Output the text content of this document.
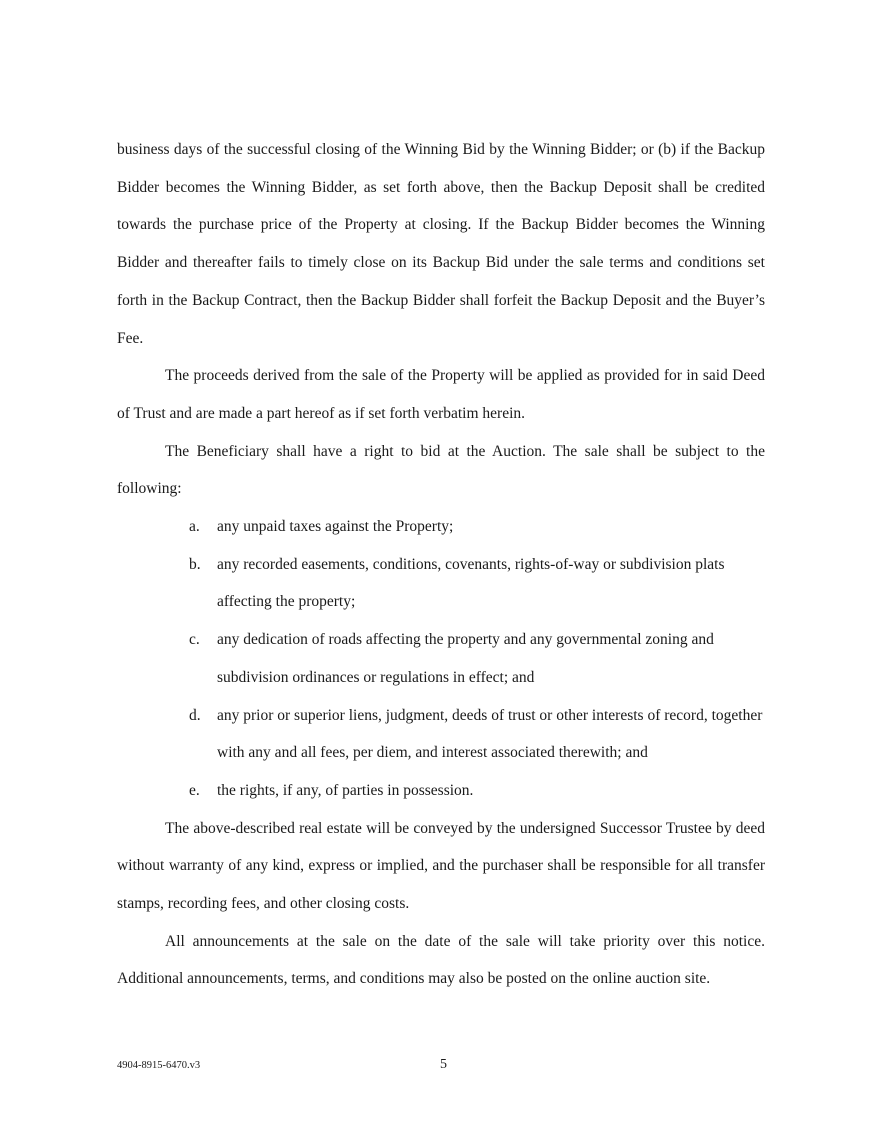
business days of the successful closing of the Winning Bid by the Winning Bidder; or (b) if the Backup Bidder becomes the Winning Bidder, as set forth above, then the Backup Deposit shall be credited towards the purchase price of the Property at closing. If the Backup Bidder becomes the Winning Bidder and thereafter fails to timely close on its Backup Bid under the sale terms and conditions set forth in the Backup Contract, then the Backup Bidder shall forfeit the Backup Deposit and the Buyer’s Fee.

The proceeds derived from the sale of the Property will be applied as provided for in said Deed of Trust and are made a part hereof as if set forth verbatim herein.

The Beneficiary shall have a right to bid at the Auction. The sale shall be subject to the following:

a. any unpaid taxes against the Property;
b. any recorded easements, conditions, covenants, rights-of-way or subdivision plats affecting the property;
c. any dedication of roads affecting the property and any governmental zoning and subdivision ordinances or regulations in effect; and
d. any prior or superior liens, judgment, deeds of trust or other interests of record, together with any and all fees, per diem, and interest associated therewith; and
e. the rights, if any, of parties in possession.

The above-described real estate will be conveyed by the undersigned Successor Trustee by deed without warranty of any kind, express or implied, and the purchaser shall be responsible for all transfer stamps, recording fees, and other closing costs.

All announcements at the sale on the date of the sale will take priority over this notice. Additional announcements, terms, and conditions may also be posted on the online auction site.

4904-8915-6470.v3	5
